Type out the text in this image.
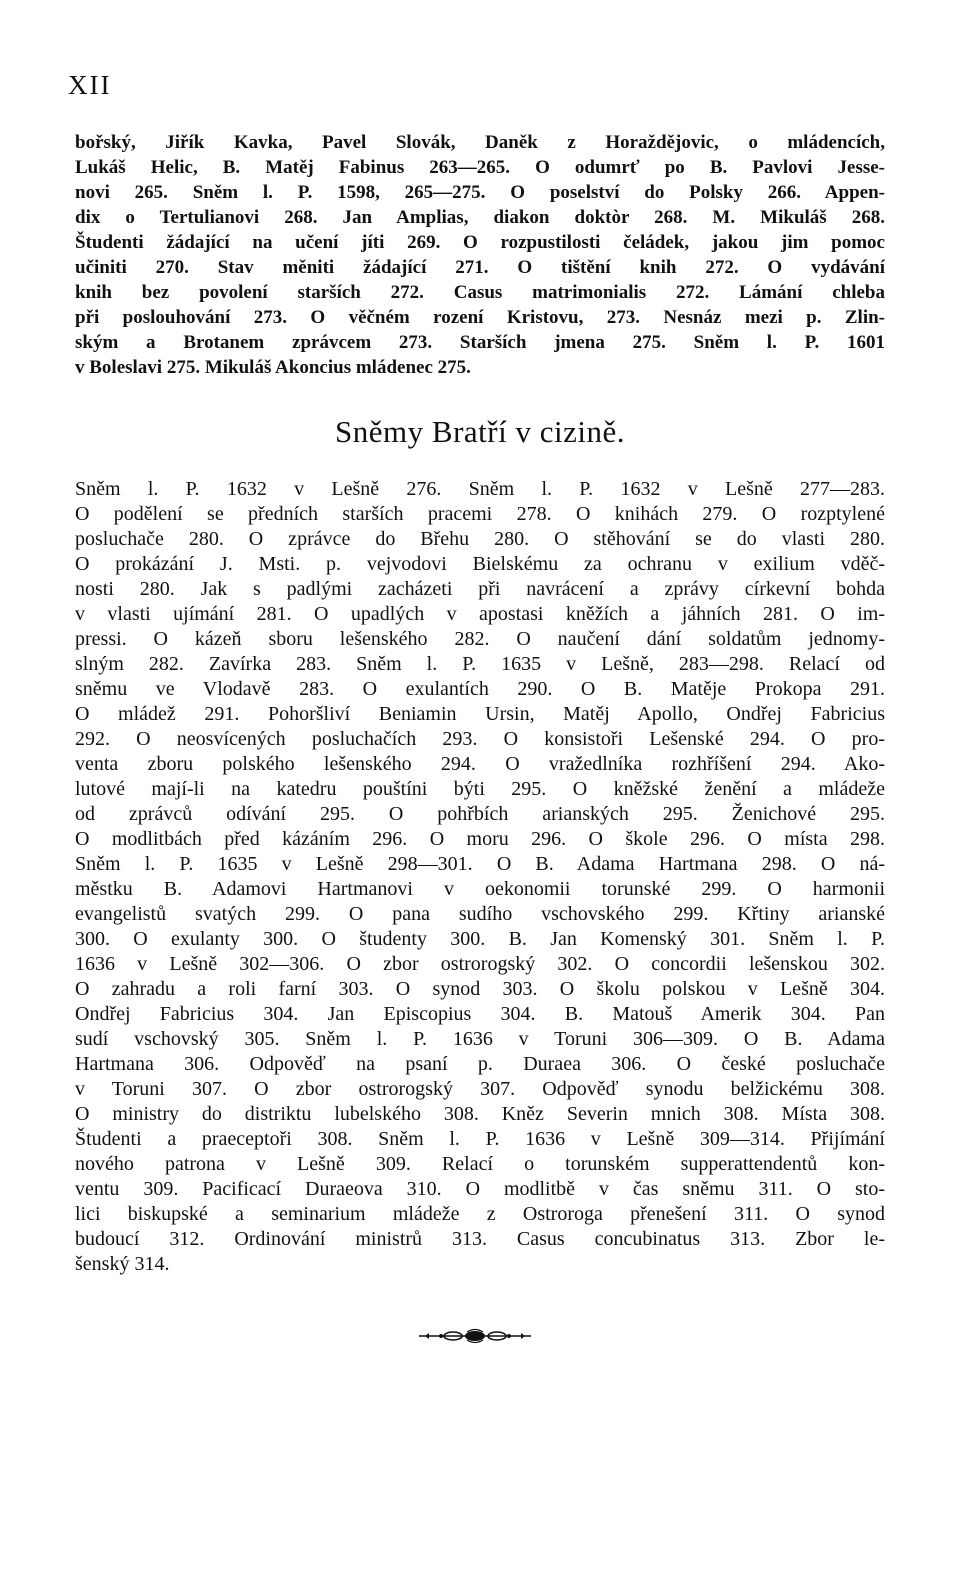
XII
bořský, Jiřík Kavka, Pavel Slovák, Daněk z Horaždějovic, o mládencích,
Lukáš Helic, B. Matěj Fabinus 263—265. O odumrť po B. Pavlovi Jesse-
novi 265. Sněm l. P. 1598, 265—275. O poselství do Polsky 266. Appen-
dix o Tertulianovi 268. Jan Amplias, diakon doktòr 268. M. Mikuláš 268.
Študenti žádající na učení jíti 269. O rozpustilosti čeládek, jakou jim pomoc
učiniti 270. Stav měniti žádající 271. O tištění knih 272. O vydávání
knih bez povolení starších 272. Casus matrimonialis 272. Lámání chleba
při poslouhování 273. O věčném rození Kristovu, 273. Nesnáz mezi p. Zlin-
ským a Brotanem zprávcem 273. Starších jmena 275. Sněm l. P. 1601
v Boleslavi 275. Mikuláš Akoncius mládenec 275.
Sněmy Bratří v cizině.
Sněm l. P. 1632 v Lešně 276. Sněm l. P. 1632 v Lešně 277—283.
O podělení se předních starších pracemi 278. O knihách 279. O rozptylené
posluchače 280. O zprávce do Břehu 280. O stěhování se do vlasti 280.
O prokázání J. Msti. p. vejvodovi Bielskému za ochranu v exilium vděč-
nosti 280. Jak s padlými zacházeti při navrácení a zprávy církevní bohda
v vlasti ujímání 281. O upadlých v apostasi kněžích a jáhních 281. O im-
pressi. O kázeň sboru lešenského 282. O naučení dání soldatům jednomy-
slným 282. Zavírka 283. Sněm l. P. 1635 v Lešně, 283—298. Relací od
sněmu ve Vlodavě 283. O exulantích 290. O B. Matěje Prokopa 291.
O mládež 291. Pohoršliví Beniamin Ursin, Matěj Apollo, Ondřej Fabricius
292. O neosvícených posluchačích 293. O konsistoři Lešenské 294. O pro-
venta zboru polského lešenského 294. O vražedlníka rozhříšení 294. Ako-
lutové mají-li na katedru pouštíni býti 295. O kněžské ženění a mládeže
od zprávců odívání 295. O pohřbích arianských 295. Ženichové 295.
O modlitbách před kázáním 296. O moru 296. O škole 296. O místa 298.
Sněm l. P. 1635 v Lešně 298—301. O B. Adama Hartmana 298. O ná-
městku B. Adamovi Hartmanovi v oekonomii torunské 299. O harmonii
evangelistů svatých 299. O pana sudího vschovského 299. Křtiny arianské
300. O exulanty 300. O študenty 300. B. Jan Komenský 301. Sněm l. P.
1636 v Lešně 302—306. O zbor ostrorogský 302. O concordii lešenskou 302.
O zahradu a roli farní 303. O synod 303. O školu polskou v Lešně 304.
Ondřej Fabricius 304. Jan Episcopius 304. B. Matouš Amerik 304. Pan
sudí vschovský 305. Sněm l. P. 1636 v Toruni 306—309. O B. Adama
Hartmana 306. Odpověď na psaní p. Duraea 306. O české posluchače
v Toruni 307. O zbor ostrorogský 307. Odpověď synodu belžickému 308.
O ministry do distriktu lubelského 308. Kněz Severin mnich 308. Místa 308.
Študenti a praeceptoři 308. Sněm l. P. 1636 v Lešně 309—314. Přijímání
nového patrona v Lešně 309. Relací o torunském supperattendentů kon-
ventu 309. Pacificací Duraeova 310. O modlitbě v čas sněmu 311. O sto-
lici biskupské a seminarium mládeže z Ostroroga přenešení 311. O synod
budoucí 312. Ordinování ministrů 313. Casus concubinatus 313. Zbor le-
šenský 314.
